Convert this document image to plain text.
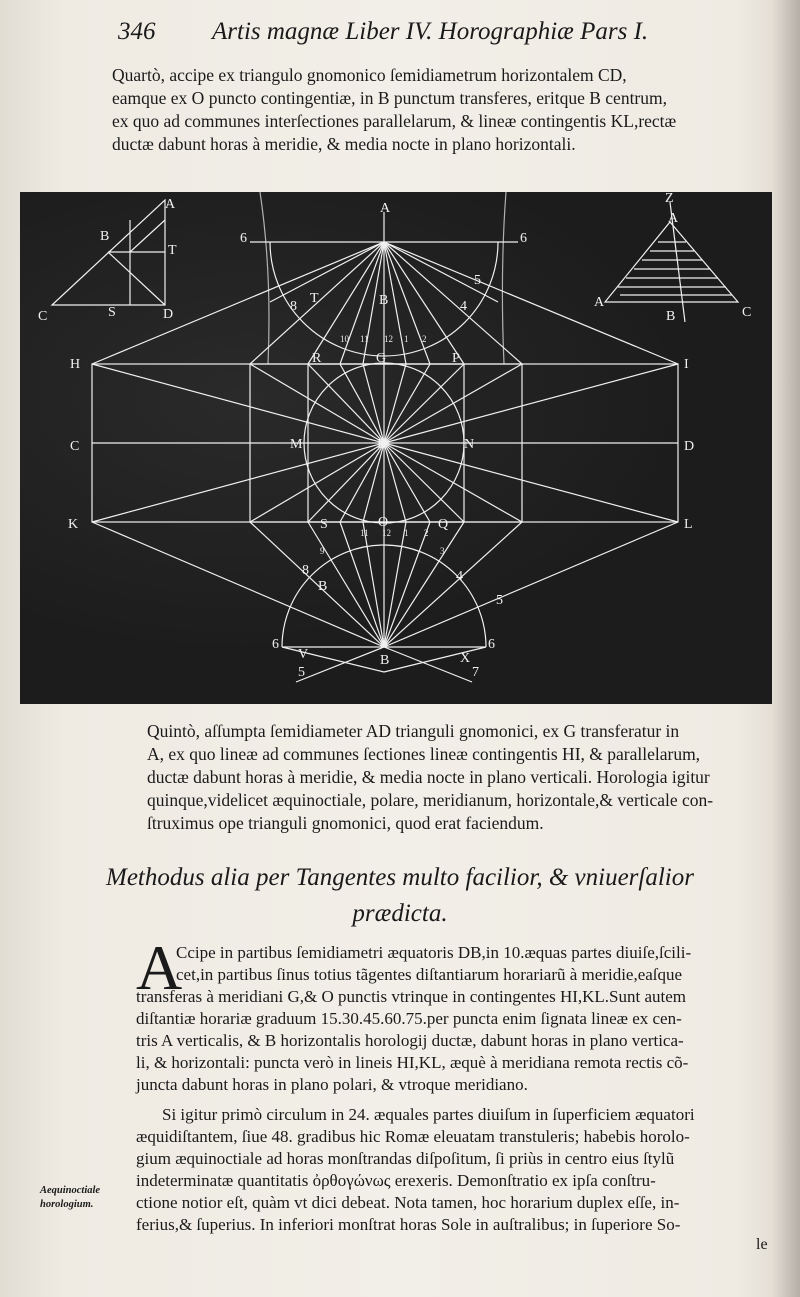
346 Artis magnæ Liber IV. Horographiæ Pars I.
Quartò, accipe ex triangulo gnomonico ſemidiametrum horizontalem CD,
eamque ex O puncto contingentiæ, in B punctum transferes, eritque B centrum,
ex quo ad communes interſectiones parallelarum, & lineæ contingentis KL,rectæ
ductæ dabunt horas à meridie, & media nocte in plano horizontali.
A
B
T
C	S	D
A
6	6
T	B
8	4
R	G	P
H	I
C	M	L	N	D
K	S	O	Q	L
B
8	4
6	6
V	B	X
Z
A
A
B	C
10 11 12 1 2
11 12 1 2
9	3
5
5
5	7
Quintò, aſſumpta ſemidiameter AD trianguli gnomonici, ex G transferatur in
A, ex quo lineæ ad communes ſectiones lineæ contingentis HI, & parallelarum,
ductæ dabunt horas à meridie, & media nocte in plano verticali. Horologia igitur
quinque,videlicet æquinoctiale, polare, meridianum, horizontale,& verticale con-
ſtruximus ope trianguli gnomonici, quod erat faciendum.
Methodus alia per Tangentes multo facilior, & vniuerſalior
prædicta.
A
Ccipe in partibus ſemidiametri æquatoris DB,in 10.æquas partes diuiſe,ſcili-
cet,in partibus ſinus totius tãgentes diſtantiarum horariarũ à meridie,eaſque
transferas à meridiani G,& O punctis vtrinque in contingentes HI,KL.Sunt autem
diſtantiæ horariæ graduum 15.30.45.60.75.per puncta enim ſignata lineæ ex cen-
tris A verticalis, & B horizontalis horologij ductæ, dabunt horas in plano vertica-
li, & horizontali: puncta verò in lineis HI,KL, æquè à meridiana remota rectis cõ-
juncta dabunt horas in plano polari, & vtroque meridiano.
Si igitur primò circulum in 24. æquales partes diuiſum in ſuperficiem æquatori
æquidiſtantem, ſiue 48. gradibus hic Romæ eleuatam transtuleris; habebis horolo-
gium æquinoctiale ad horas monſtrandas diſpoſitum, ſi priùs in centro eius ſtylũ
indeterminatæ quantitatis ὀρθογώνως erexeris. Demonſtratio ex ipſa conſtru-
ctione notior eſt, quàm vt dici debeat. Nota tamen, hoc horarium duplex eſſe, in-
ferius,& ſuperius. In inferiori monſtrat horas Sole in auſtralibus; in ſuperiore So-
Aequinoctiale
horologium.
le
